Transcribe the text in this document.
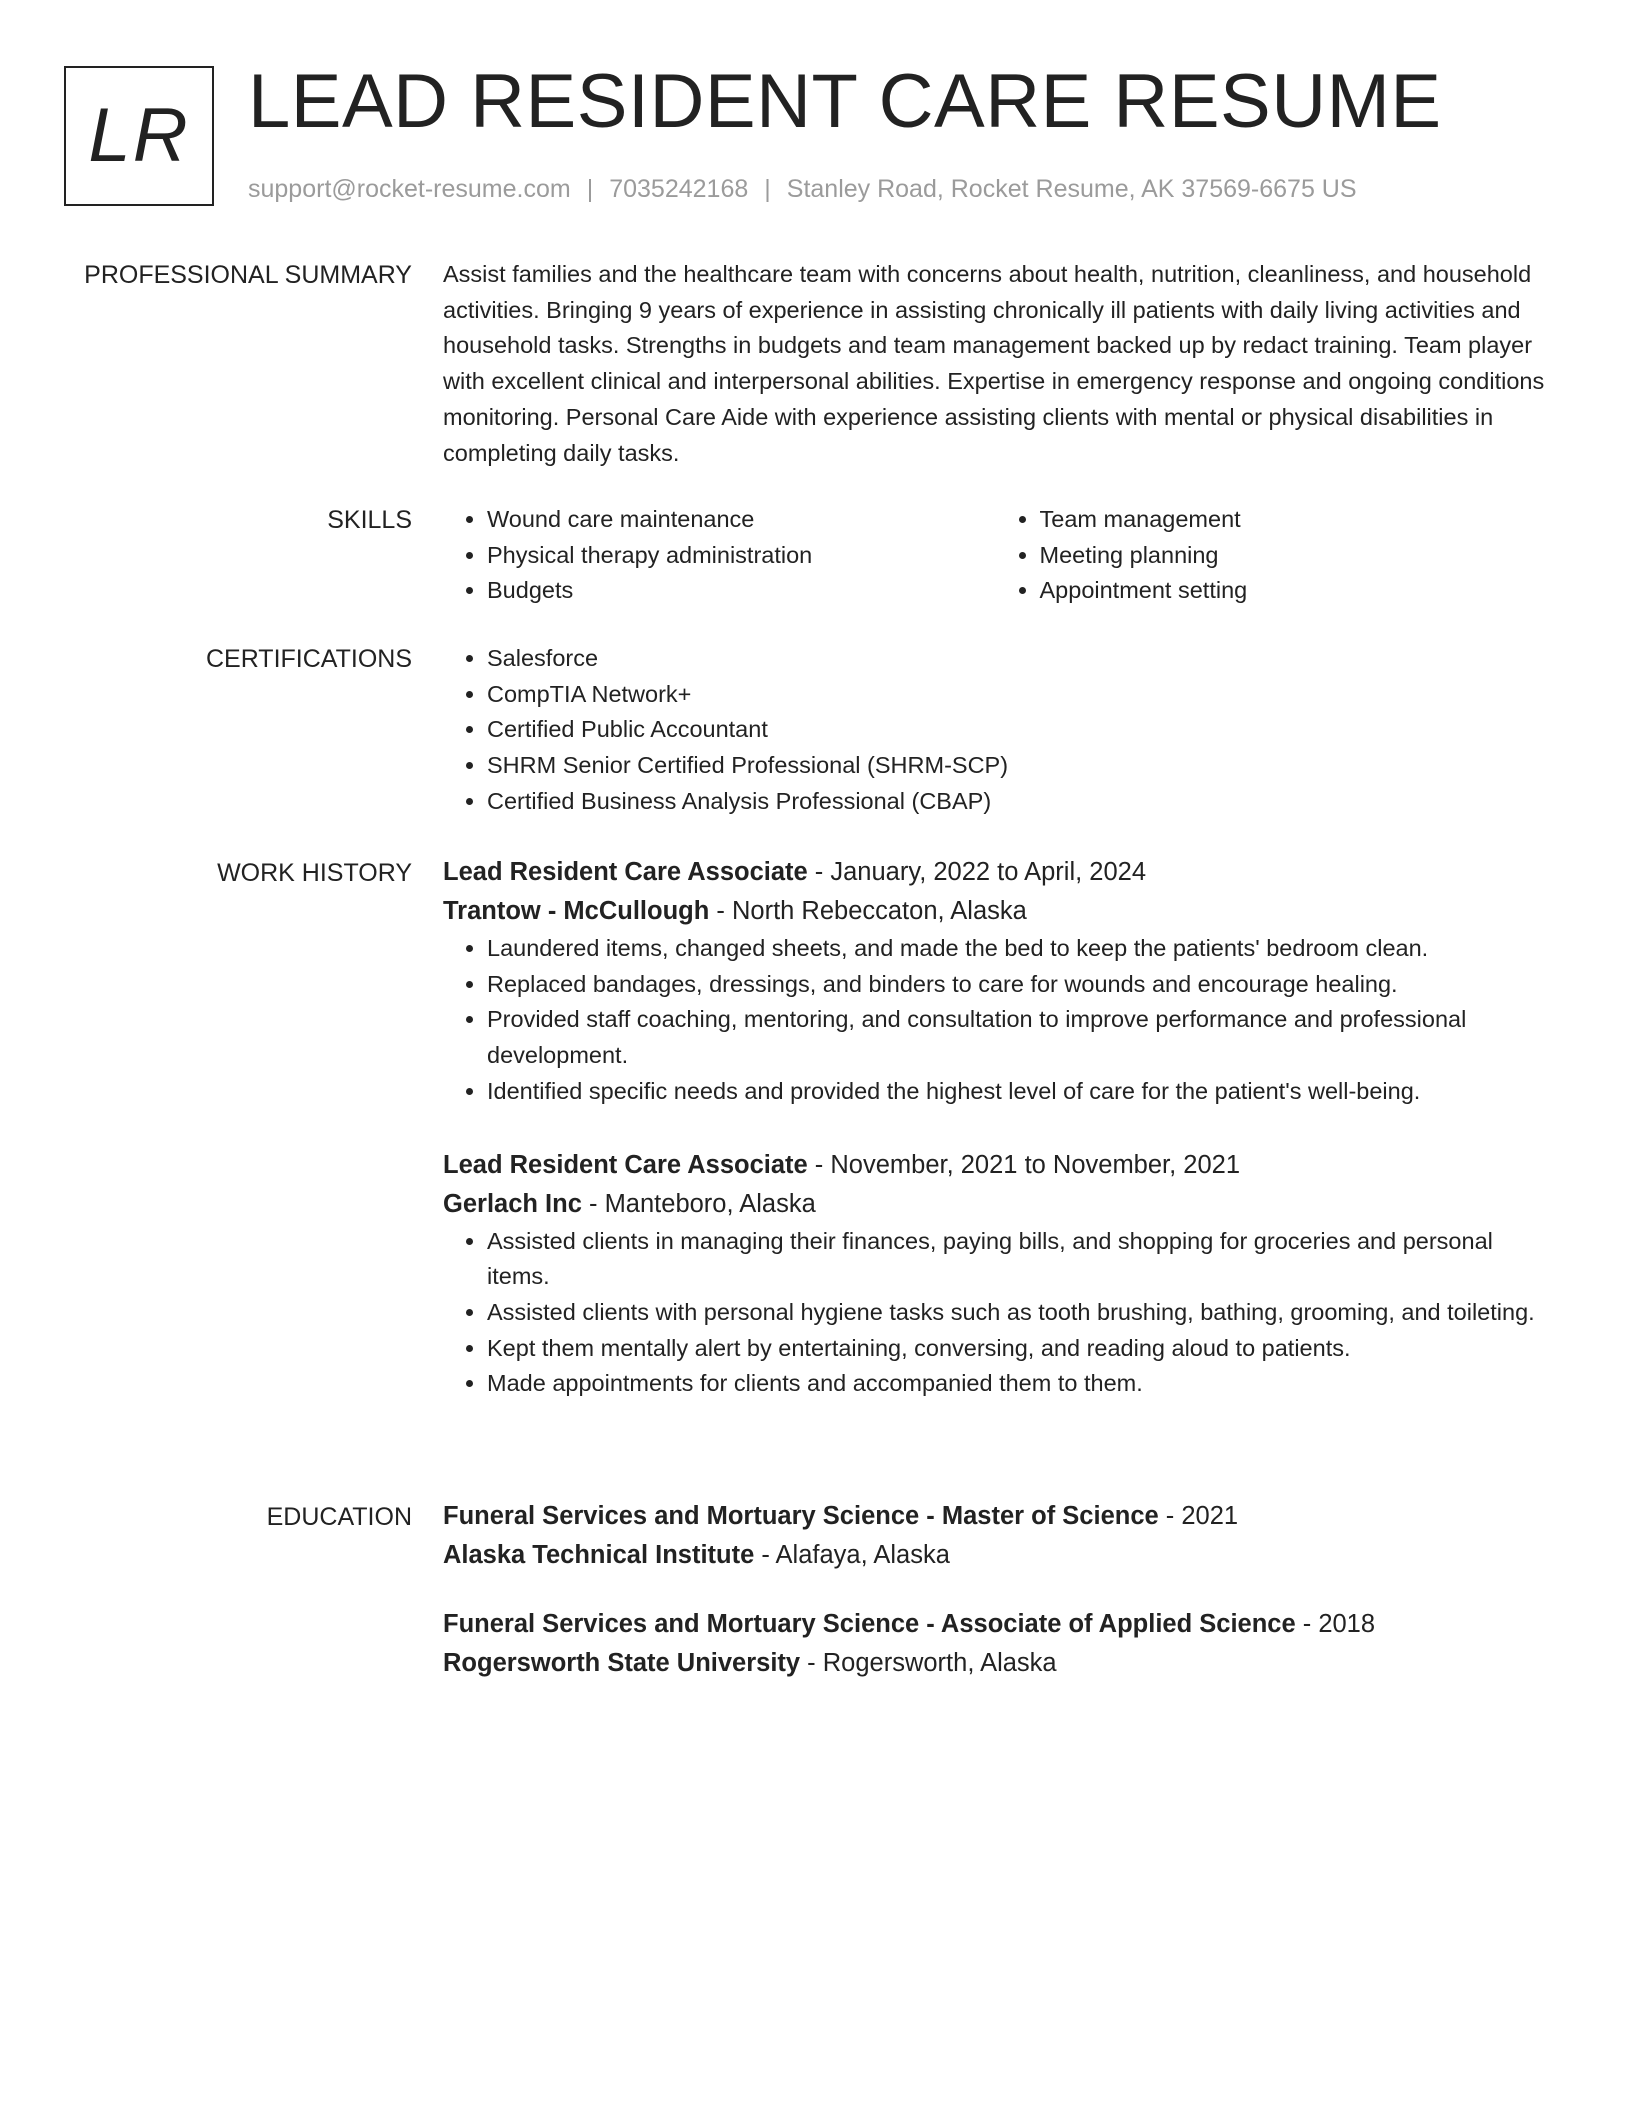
LR LEAD RESIDENT CARE RESUME
support@rocket-resume.com | 7035242168 | Stanley Road, Rocket Resume, AK 37569-6675 US
PROFESSIONAL SUMMARY Assist families and the healthcare team with concerns about health, nutrition, cleanliness, and household activities. Bringing 9 years of experience in assisting chronically ill patients with daily living activities and household tasks. Strengths in budgets and team management backed up by redact training. Team player with excellent clinical and interpersonal abilities. Expertise in emergency response and ongoing conditions monitoring. Personal Care Aide with experience assisting clients with mental or physical disabilities in completing daily tasks.

SKILLS	• Wound care maintenance
• Physical therapy administration
• Budgets
• Team management
• Meeting planning
• Appointment setting
CERTIFICATIONS	• Salesforce
• CompTIA Network+
• Certified Public Accountant
• SHRM Senior Certified Professional (SHRM-SCP)
• Certified Business Analysis Professional (CBAP)
WORK HISTORY Lead Resident Care Associate - January, 2022 to April, 2024
Trantow - McCullough - North Rebeccaton, Alaska
• Laundered items, changed sheets, and made the bed to keep the patients' bedroom clean.
• Replaced bandages, dressings, and binders to care for wounds and encourage healing.
• Provided staff coaching, mentoring, and consultation to improve performance and professional development.
• Identified specific needs and provided the highest level of care for the patient's well-being.
Lead Resident Care Associate - November, 2021 to November, 2021
Gerlach Inc - Manteboro, Alaska
• Assisted clients in managing their finances, paying bills, and shopping for groceries and personal items.
• Assisted clients with personal hygiene tasks such as tooth brushing, bathing, grooming, and toileting.
• Kept them mentally alert by entertaining, conversing, and reading aloud to patients.
• Made appointments for clients and accompanied them to them.
EDUCATION Funeral Services and Mortuary Science - Master of Science - 2021
Alaska Technical Institute - Alafaya, Alaska
Funeral Services and Mortuary Science - Associate of Applied Science - 2018
Rogersworth State University - Rogersworth, Alaska
